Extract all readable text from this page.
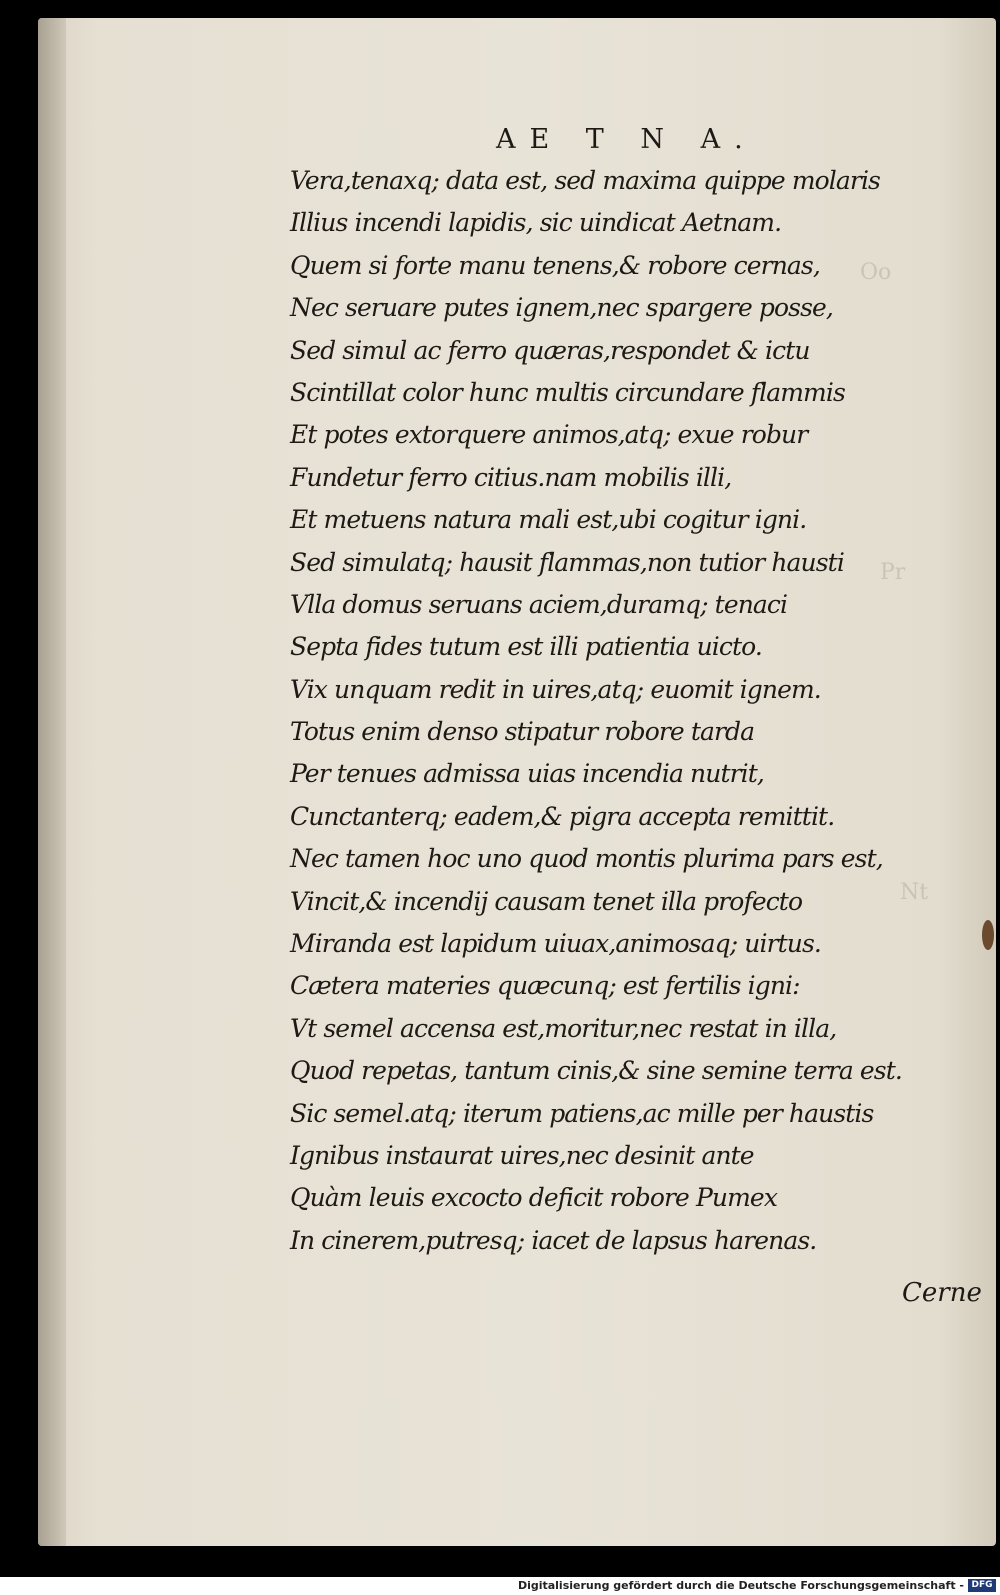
Oo
Pr
Nt
AE T N A.
Vera,tenaxq; data est, sed maxima quippe molaris
Illius incendi lapidis, sic uindicat Aetnam.
Quem si forte manu tenens,& robore cernas,
Nec seruare putes ignem,nec spargere posse,
Sed simul ac ferro quæras,respondet & ictu
Scintillat color hunc multis circundare flammis
Et potes extorquere animos,atq; exue robur
Fundetur ferro citius.nam mobilis illi,
Et metuens natura mali est,ubi cogitur igni.
Sed simulatq; hausit flammas,non tutior hausti
Vlla domus seruans aciem,duramq; tenaci
Septa fides tutum est illi patientia uicto.
Vix unquam redit in uires,atq; euomit ignem.
Totus enim denso stipatur robore tarda
Per tenues admissa uias incendia nutrit,
Cunctanterq; eadem,& pigra accepta remittit.
Nec tamen hoc uno quod montis plurima pars est,
Vincit,& incendij causam tenet illa profecto
Miranda est lapidum uiuax,animosaq; uirtus.
Cætera materies quæcunq; est fertilis igni:
Vt semel accensa est,moritur,nec restat in illa,
Quod repetas, tantum cinis,& sine semine terra est.
Sic semel.atq; iterum patiens,ac mille per haustis
Ignibus instaurat uires,nec desinit ante
Quàm leuis excocto deficit robore Pumex
In cinerem,putresq; iacet de lapsus harenas.
Cerne
Digitalisierung gefördert durch die Deutsche Forschungsgemeinschaft - DFG
